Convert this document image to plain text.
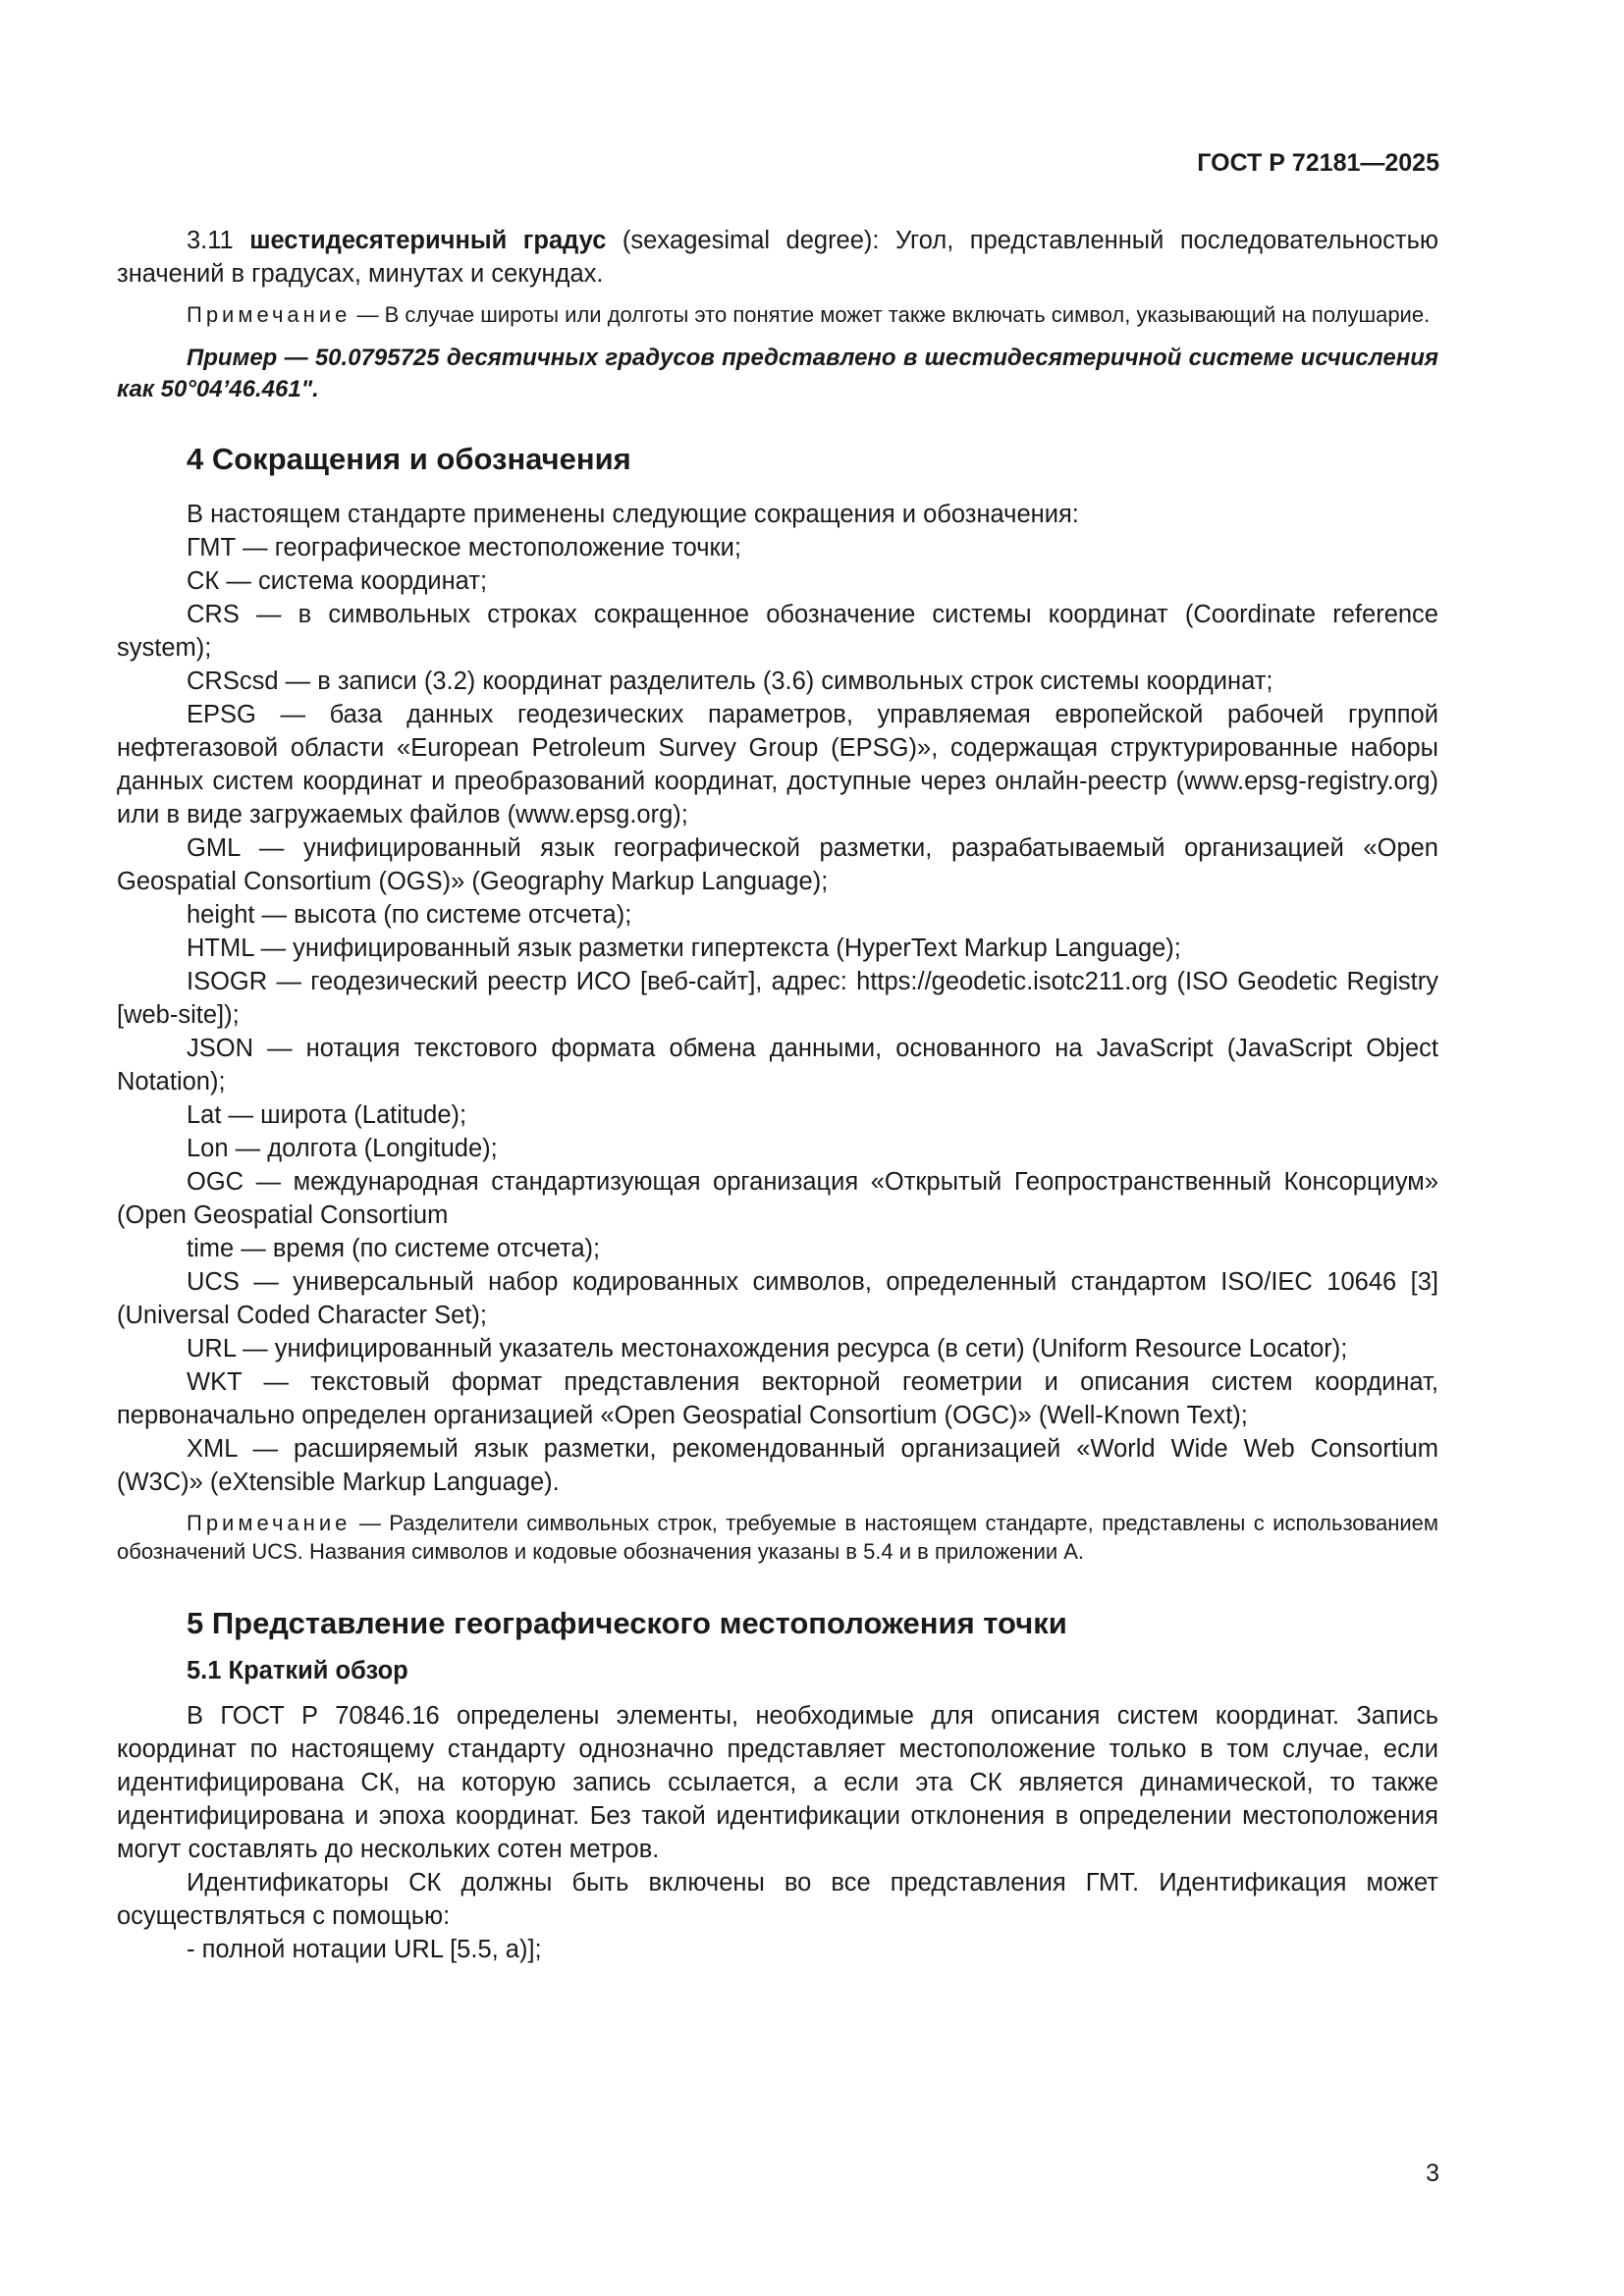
ГОСТ Р 72181—2025

3.11 шестидесятеричный градус (sexagesimal degree): Угол, представленный последовательностью значений в градусах, минутах и секундах.

Примечание — В случае широты или долготы это понятие может также включать символ, указывающий на полушарие.

Пример — 50.0795725 десятичных градусов представлено в шестидесятеричной системе исчисления как 50°04’46.461".

4 Сокращения и обозначения

В настоящем стандарте применены следующие сокращения и обозначения:

ГМТ — географическое местоположение точки;

СК — система координат;

CRS — в символьных строках сокращенное обозначение системы координат (Coordinate reference system);

CRScsd — в записи (3.2) координат разделитель (3.6) символьных строк системы координат;

EPSG — база данных геодезических параметров, управляемая европейской рабочей группой нефтегазовой области «European Petroleum Survey Group (EPSG)», содержащая структурированные наборы данных систем координат и преобразований координат, доступные через онлайн-реестр (www.epsg-registry.org) или в виде загружаемых файлов (www.epsg.org);

GML — унифицированный язык географической разметки, разрабатываемый организацией «Open Geospatial Consortium (OGS)» (Geography Markup Language);

height — высота (по системе отсчета);

HTML — унифицированный язык разметки гипертекста (HyperText Markup Language);

ISOGR — геодезический реестр ИСО [веб-сайт], адрес: https://geodetic.isotc211.org (ISO Geodetic Registry [web-site]);

JSON — нотация текстового формата обмена данными, основанного на JavaScript (JavaScript Object Notation);

Lat — широта (Latitude);

Lon — долгота (Longitude);

OGC — международная стандартизующая организация «Открытый Геопространственный Консорциум» (Open Geospatial Consortium

time — время (по системе отсчета);

UCS — универсальный набор кодированных символов, определенный стандартом ISO/IEC 10646 [3] (Universal Coded Character Set);

URL — унифицированный указатель местонахождения ресурса (в сети) (Uniform Resource Locator);

WKT — текстовый формат представления векторной геометрии и описания систем координат, первоначально определен организацией «Open Geospatial Consortium (OGC)» (Well-Known Text);

XML — расширяемый язык разметки, рекомендованный организацией «World Wide Web Consortium (W3C)» (eXtensible Markup Language).

Примечание — Разделители символьных строк, требуемые в настоящем стандарте, представлены с использованием обозначений UCS. Названия символов и кодовые обозначения указаны в 5.4 и в приложении А.

5 Представление географического местоположения точки
5.1 Краткий обзор

В ГОСТ Р 70846.16 определены элементы, необходимые для описания систем координат. Запись координат по настоящему стандарту однозначно представляет местоположение только в том случае, если идентифицирована СК, на которую запись ссылается, а если эта СК является динамической, то также идентифицирована и эпоха координат. Без такой идентификации отклонения в определении местоположения могут составлять до нескольких сотен метров.

Идентификаторы СК должны быть включены во все представления ГМТ. Идентификация может осуществляться с помощью:

- полной нотации URL [5.5, а)];

3
